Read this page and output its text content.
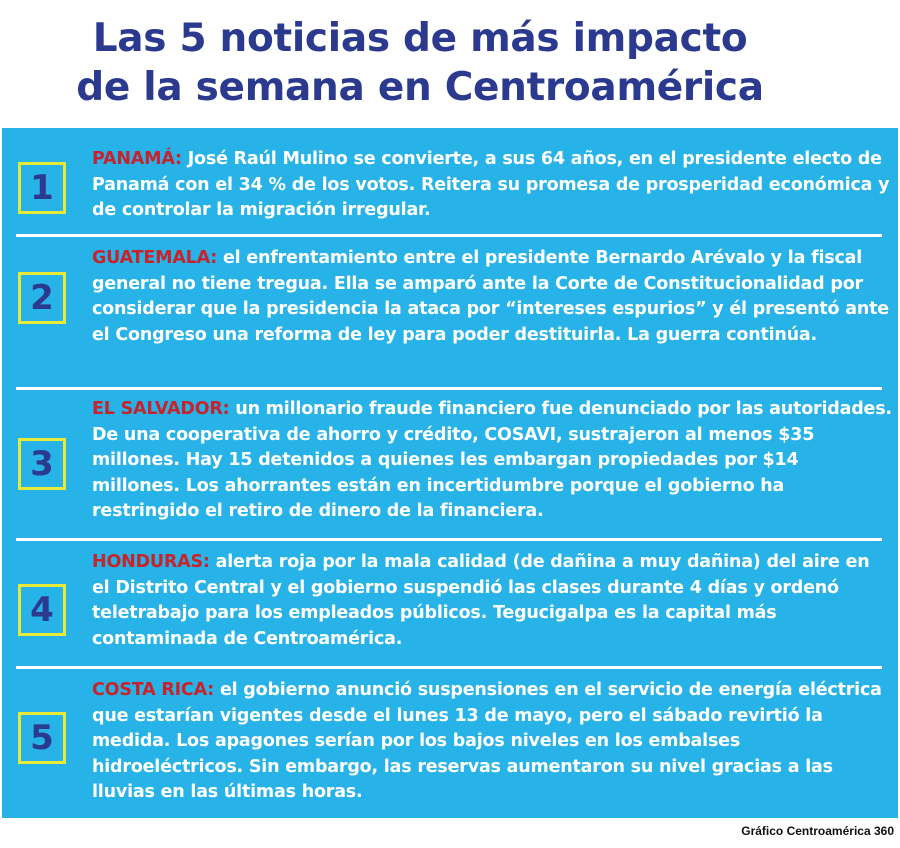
Las 5 noticias de más impacto
de la semana en Centroamérica
1
PANAMÁ: José Raúl Mulino se convierte, a sus 64 años, en el presidente electo de Panamá con el 34 % de los votos. Reitera su promesa de prosperidad económica y de controlar la migración irregular.
2
GUATEMALA: el enfrentamiento entre el presidente Bernardo Arévalo y la fiscal general no tiene tregua. Ella se amparó ante la Corte de Constitucionalidad por considerar que la presidencia la ataca por “intereses espurios” y él presentó ante el Congreso una reforma de ley para poder destituirla. La guerra continúa.
3
EL SALVADOR: un millonario fraude financiero fue denunciado por las autoridades. De una cooperativa de ahorro y crédito, COSAVI, sustrajeron al menos $35 millones. Hay 15 detenidos a quienes les embargan propiedades por $14 millones. Los ahorrantes están en incertidumbre porque el gobierno ha restringido el retiro de dinero de la financiera.
4
HONDURAS: alerta roja por la mala calidad (de dañina a muy dañina) del aire en el Distrito Central y el gobierno suspendió las clases durante 4 días y ordenó teletrabajo para los empleados públicos. Tegucigalpa es la capital más contaminada de Centroamérica.
5
COSTA RICA: el gobierno anunció suspensiones en el servicio de energía eléctrica que estarían vigentes desde el lunes 13 de mayo, pero el sábado revirtió la medida. Los apagones serían por los bajos niveles en los embalses hidroeléctricos. Sin embargo, las reservas aumentaron su nivel gracias a las lluvias en las últimas horas.
Gráfico Centroamérica 360
